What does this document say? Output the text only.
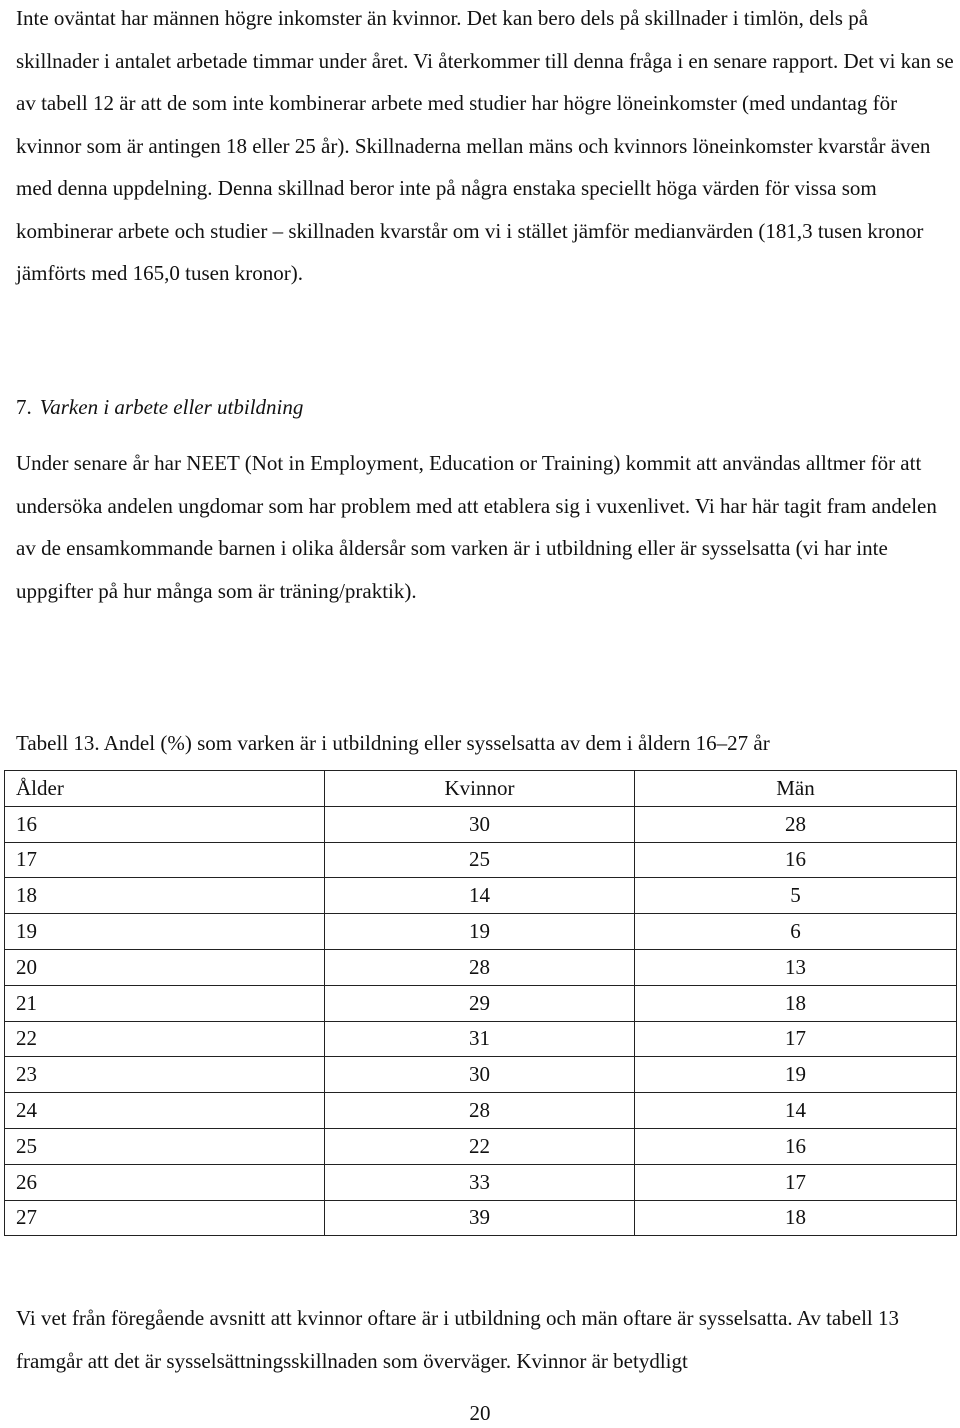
Inte oväntat har männen högre inkomster än kvinnor. Det kan bero dels på skillnader i timlön, dels på skillnader i antalet arbetade timmar under året. Vi återkommer till denna fråga i en senare rapport. Det vi kan se av tabell 12 är att de som inte kombinerar arbete med studier har högre löneinkomster (med undantag för kvinnor som är antingen 18 eller 25 år). Skillnaderna mellan mäns och kvinnors löneinkomster kvarstår även med denna uppdelning. Denna skillnad beror inte på några enstaka speciellt höga värden för vissa som kombinerar arbete och studier – skillnaden kvarstår om vi i stället jämför medianvärden (181,3 tusen kronor jämförts med 165,0 tusen kronor).

7. Varken i arbete eller utbildning

Under senare år har NEET (Not in Employment, Education or Training) kommit att användas alltmer för att undersöka andelen ungdomar som har problem med att etablera sig i vuxenlivet. Vi har här tagit fram andelen av de ensamkommande barnen i olika åldersår som varken är i utbildning eller är sysselsatta (vi har inte uppgifter på hur många som är träning/praktik).

Tabell 13. Andel (%) som varken är i utbildning eller sysselsatta av dem i åldern 16–27 år

Ålder	Kvinnor	Män
16	30	28
17	25	16
18	14	5
19	19	6
20	28	13
21	29	18
22	31	17
23	30	19
24	28	14
25	22	16
26	33	17
27	39	18

Vi vet från föregående avsnitt att kvinnor oftare är i utbildning och män oftare är sysselsatta. Av tabell 13 framgår att det är sysselsättningsskillnaden som överväger. Kvinnor är betydligt

20
